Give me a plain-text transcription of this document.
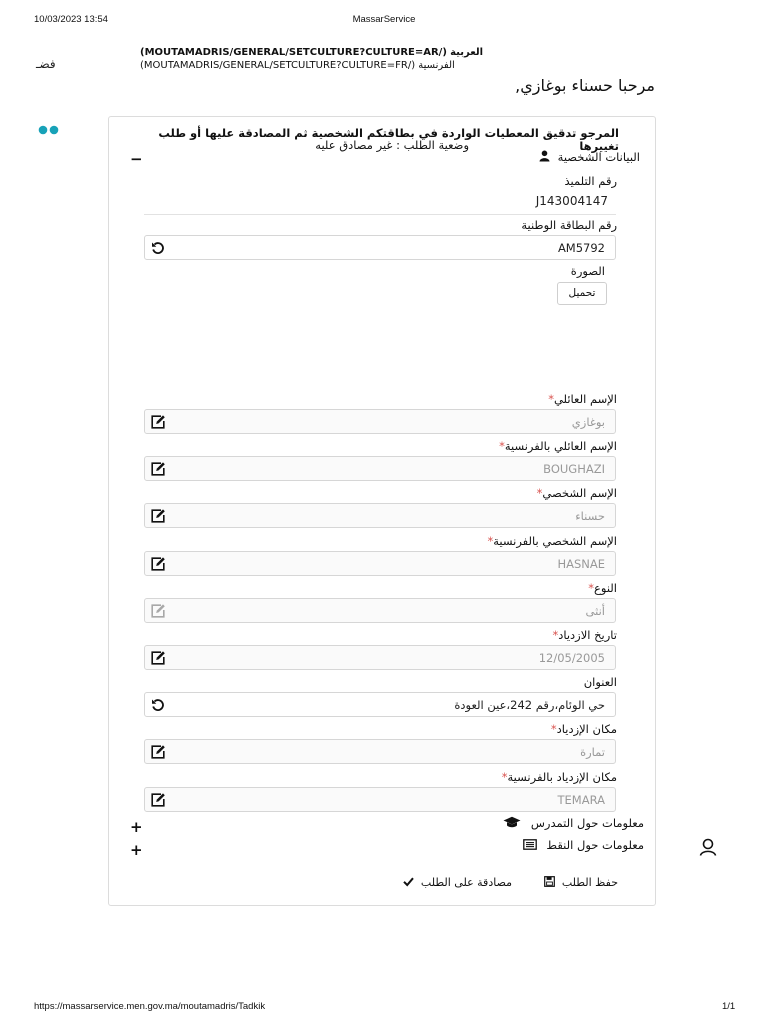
10/03/2023 13:54	MassarService
فضـ
(MOUTAMADRIS/GENERAL/SETCULTURE?CULTURE=AR/) العربية
(MOUTAMADRIS/GENERAL/SETCULTURE?CULTURE=FR/) الفرنسية
مرحبا حسناء بوغازي,
المرجو تدقيق المعطيات الواردة في بطاقتكم الشخصية ثم المصادقة عليها أو طلب تغييرها
وضعية الطلب : غير مصادق عليه
البيانات الشخصية
−
رقم التلميذ
J143004147
رقم البطاقة الوطنية
AM5792
الصورة
تحميل
الإسم العائلي*
بوغازي
الإسم العائلي بالفرنسية*
BOUGHAZI
الإسم الشخصي*
حسناء
الإسم الشخصي بالفرنسية*
HASNAE
النوع*
أنثى
تاريخ الازدياد*
12/05/2005
العنوان
حي الوئام،رقم 242،عين العودة
مكان الإزدياد*
تمارة
مكان الإزدياد بالفرنسية*
TEMARA
معلومات حول التمدرس
+
معلومات حول النقط
+
حفظ الطلب
مصادقة على الطلب
https://massarservice.men.gov.ma/moutamadris/Tadkik	1/1
